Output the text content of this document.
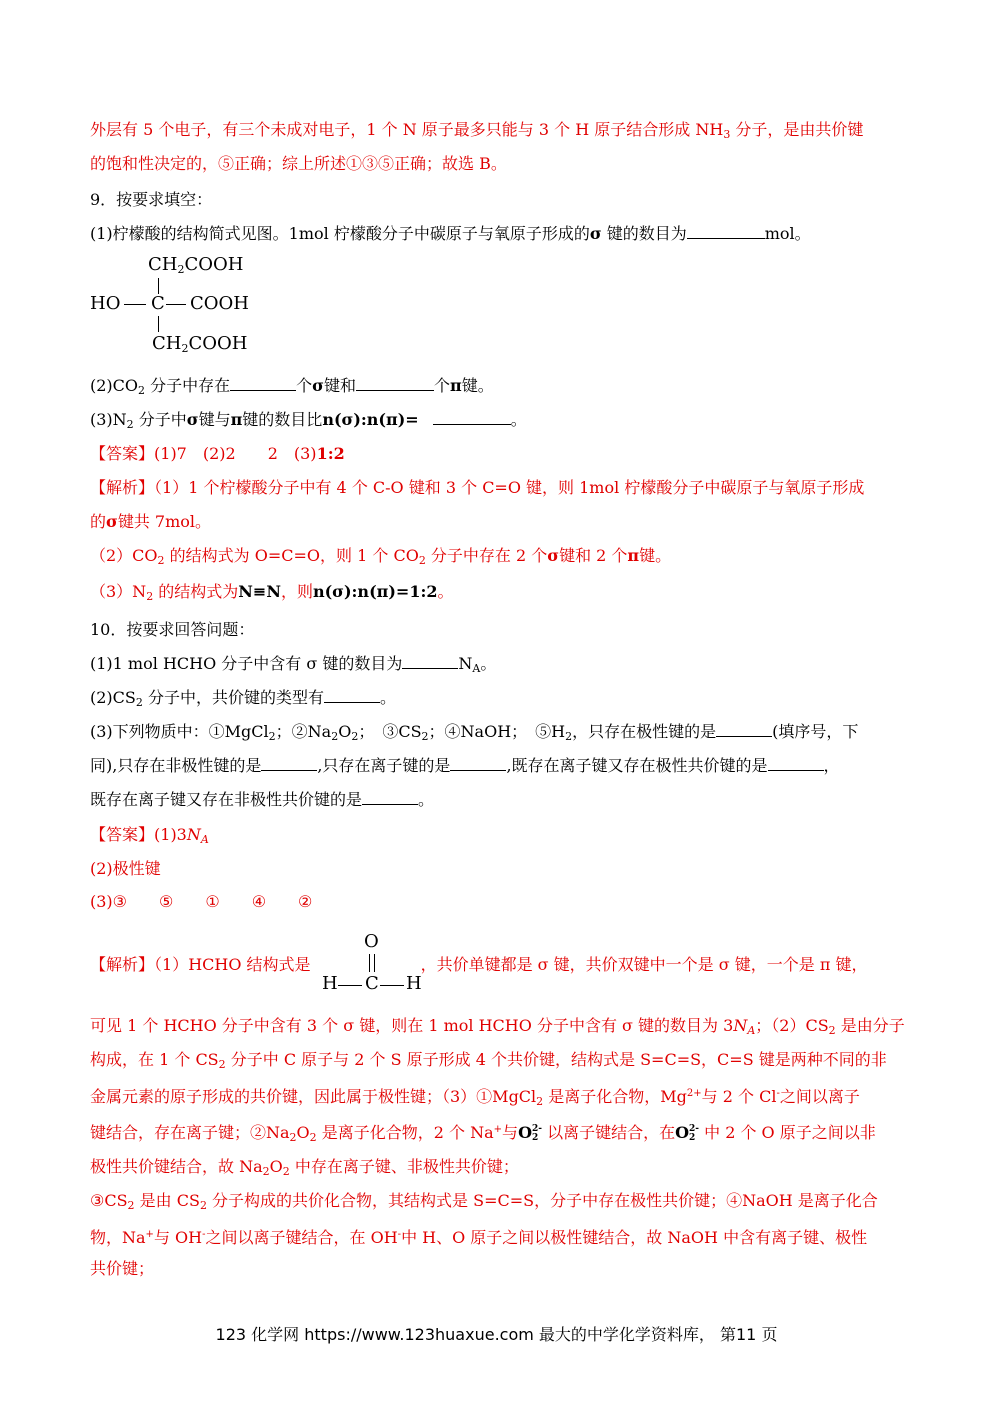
外层有 5 个电子，有三个未成对电子，1 个 N 原子最多只能与 3 个 H 原子结合形成 $NH_3$ 分子，是由共价键
的饱和性决定的，⑤正确；综上所述①③⑤正确；故选 B。
9．按要求填空：
(1)柠檬酸的结构简式见图。1mol 柠檬酸分子中碳原子与氧原子形成的σ 键的数目为	mol。
$CH_2COOH$
HO C COOH
$CH_2COOH$
$(2)CO_2$ 分子中存在	个σ键和	个π键。
$(3)N_2$ 分子中σ键与π键的数目比n(σ):n(π)=	。
【答案】(1)7　(2)2　　2　(3)1:2
【解析】（1）1 个柠檬酸分子中有 4 个 C-O 键和 3 个 C=O 键，则 1mol 柠檬酸分子中碳原子与氧原子形成
的σ键共 7mol。
$(2)CO_2$ 的结构式为 O=C=O，则 1 个 $CO_2$ 分子中存在 2 个σ键和 2 个π键。
$(3)N_2$ 的结构式为N≡N，则n(σ):n(π)=1:2。
10．按要求回答问题：
(1)1 mol HCHO 分子中含有 σ 键的数目为	$N_A$。
$(2)CS_2$ 分子中，共价键的类型有	。
(3)下列物质中：①MgCl$_2$；$②Na_2O_2$；　$③CS_2$；④NaOH；　$⑤H_2$，只存在极性键的是	(填序号，下
同),只存在非极性键的是	,只存在离子键的是	,既存在离子键又存在极性共价键的是	，
既存在离子键又存在非极性共价键的是	。
【答案】$(1)3N_A$
(2)极性键
(3)③　　⑤　　①　　④　　②
【解析】（1）HCHO 结构式是	，共价单键都是 σ 键，共价双键中一个是 σ 键，一个是 π 键，
O
H C H
可见 1 个 HCHO 分子中含有 3 个 σ 键，则在 1 mol HCHO 分子中含有 σ 键的数目为 $3N_A$；$(2)CS_2$ 是由分子
构成，在 1 个 $CS_2$ 分子中 C 原子与 2 个 S 原子形成 4 个共价键，结构式是 S=C=S，C=S 键是两种不同的非
金属元素的原子形成的共价键，因此属于极性键；（3）①MgCl$_2$ 是离子化合物，$Mg^{2+}$与 2 个 Cl-之间以离子
键结合，存在离子键；$②Na_2O_2$ 是离子化合物，2 个 Na+与O 2-
2 以离子键结合，在O 2-
2 中 2 个 O 原子之间以非
极性共价键结合，故 $Na_2O_2$ 中存在离子键、非极性共价键；
$③CS_2$ 是由 $CS_2$ 分子构成的共价化合物，其结构式是 S=C=S，分子中存在极性共价键；④NaOH 是离子化合
物，Na+与 OH-之间以离子键结合，在 OH-中 H、O 原子之间以极性键结合，故 NaOH 中含有离子键、极性
共价键；
123 化学网 https://www.123huaxue.com 最大的中学化学资料库， 第11 页
